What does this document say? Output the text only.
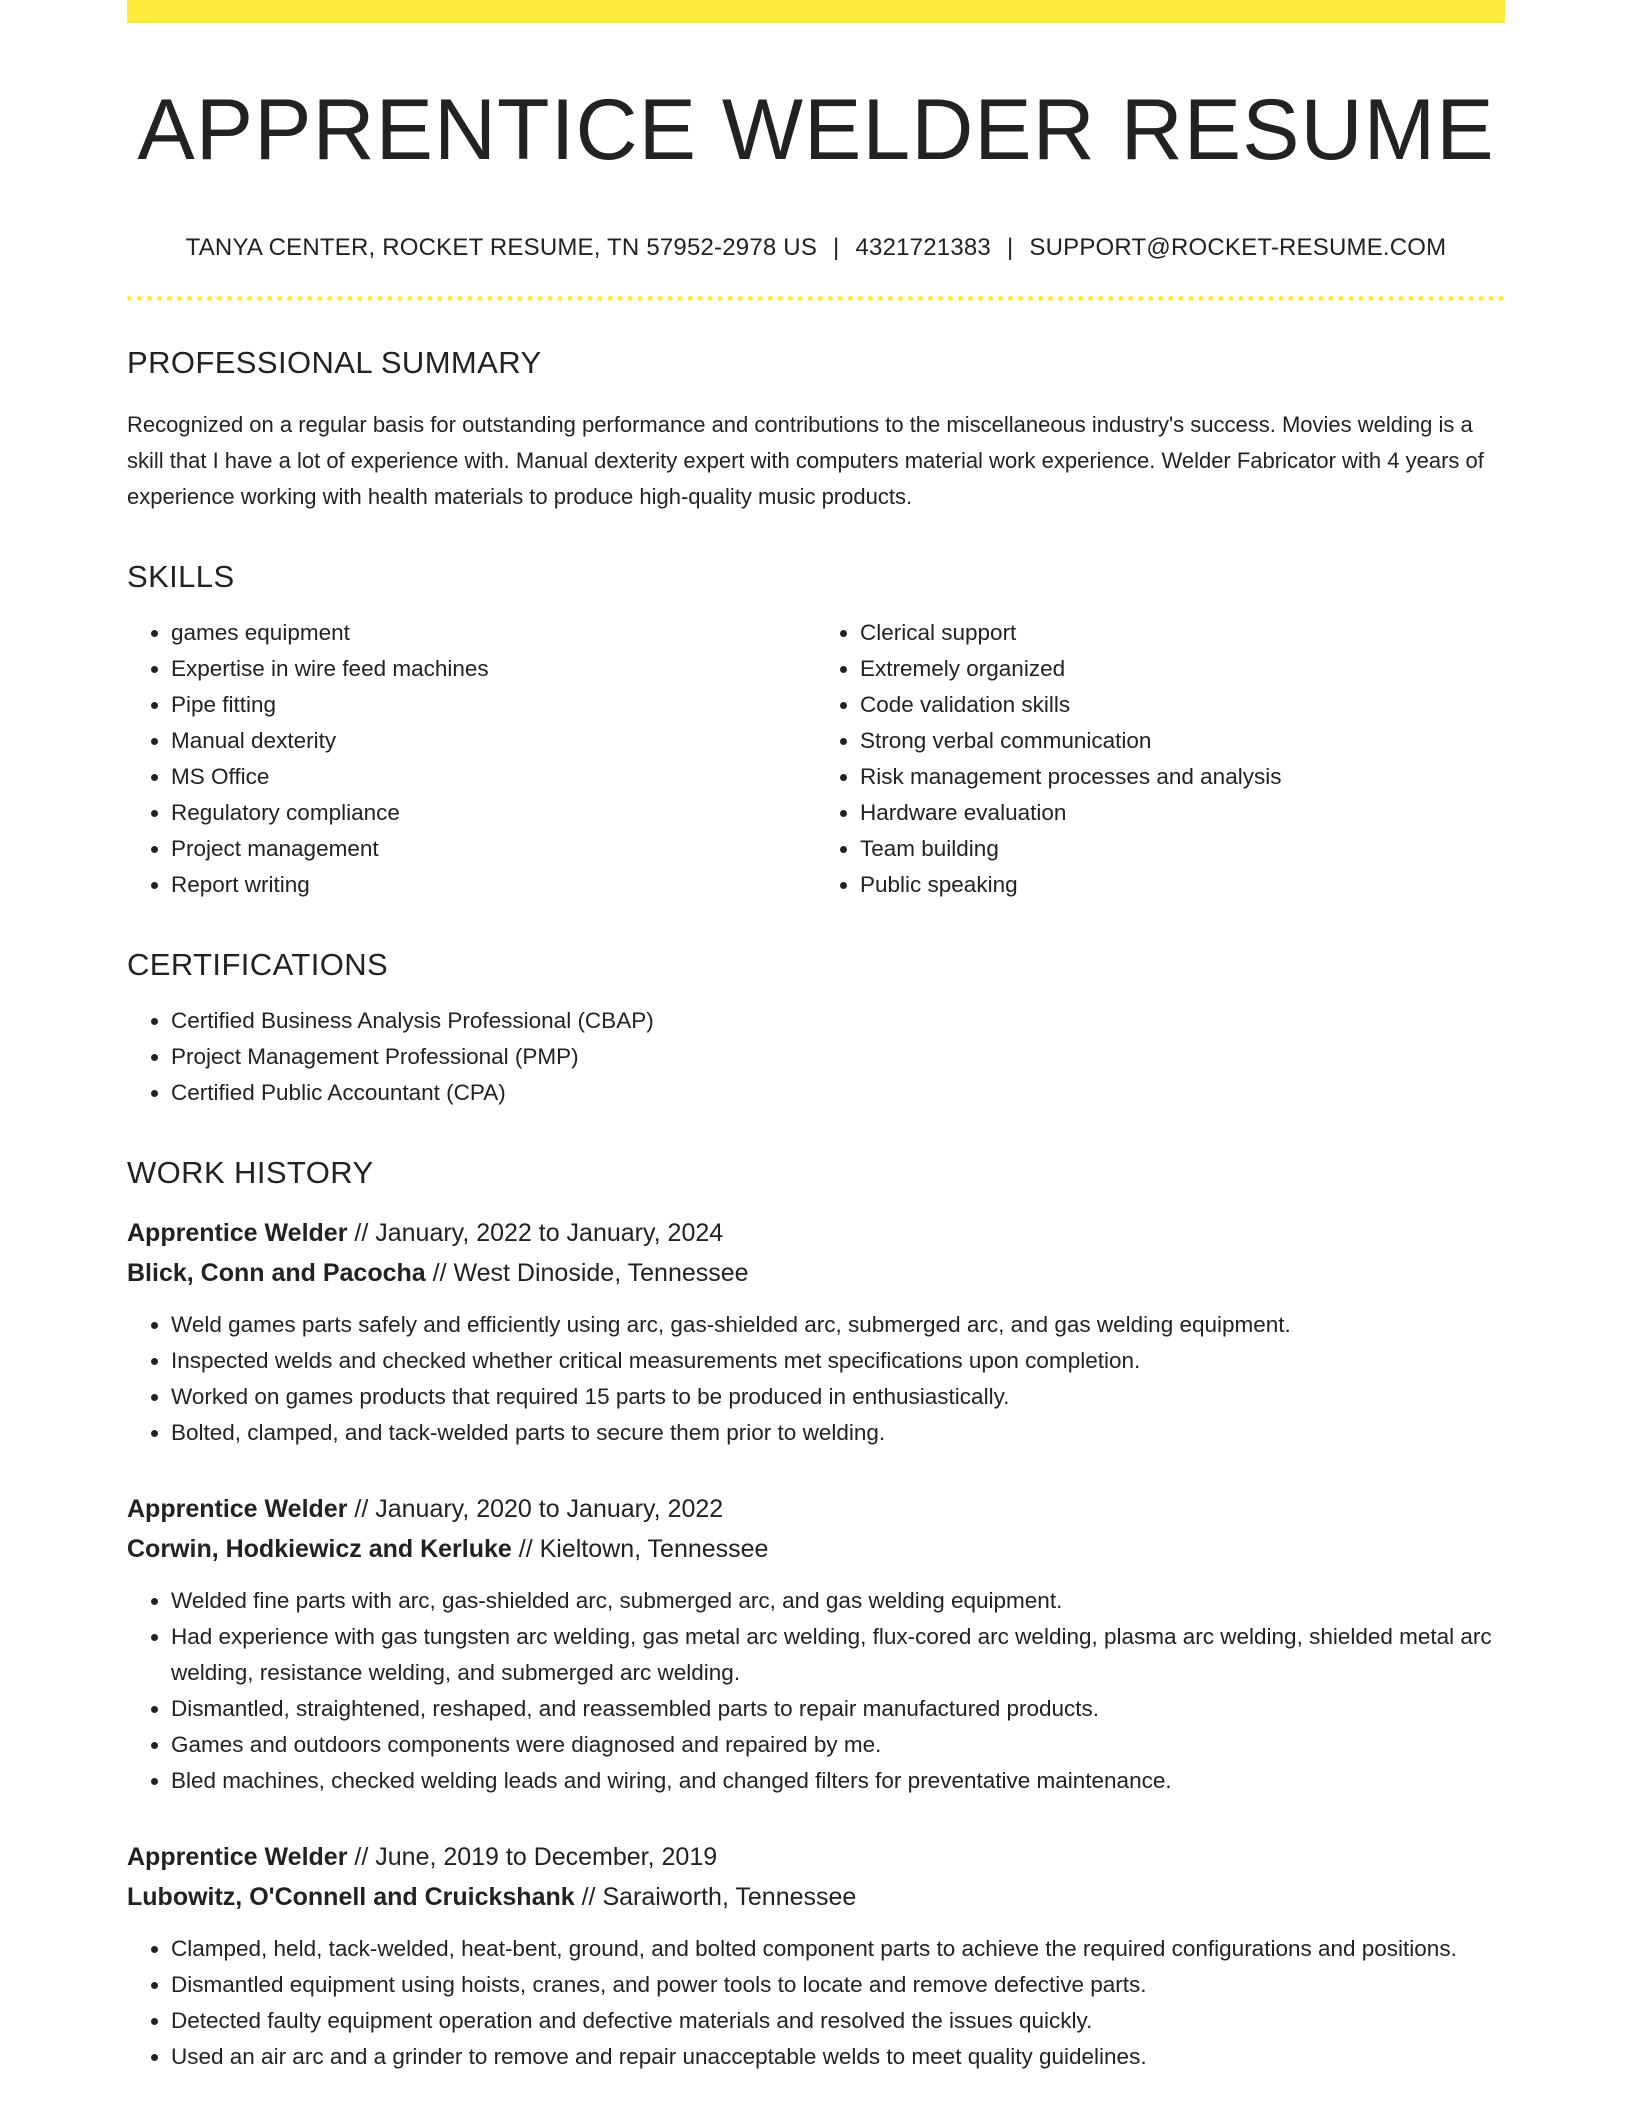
APPRENTICE WELDER RESUME
TANYA CENTER, ROCKET RESUME, TN 57952-2978 US | 4321721383 | SUPPORT@ROCKET-RESUME.COM
PROFESSIONAL SUMMARY

Recognized on a regular basis for outstanding performance and contributions to the miscellaneous industry's success. Movies welding is a skill that I have a lot of experience with. Manual dexterity expert with computers material work experience. Welder Fabricator with 4 years of experience working with health materials to produce high-quality music products.

SKILLS
• games equipment
• Expertise in wire feed machines
• Pipe fitting
• Manual dexterity
• MS Office
• Regulatory compliance
• Project management
• Report writing
• Clerical support
• Extremely organized
• Code validation skills
• Strong verbal communication
• Risk management processes and analysis
• Hardware evaluation
• Team building
• Public speaking
CERTIFICATIONS
• Certified Business Analysis Professional (CBAP)
• Project Management Professional (PMP)
• Certified Public Accountant (CPA)
WORK HISTORY
Apprentice Welder // January, 2022 to January, 2024
Blick, Conn and Pacocha // West Dinoside, Tennessee
• Weld games parts safely and efficiently using arc, gas-shielded arc, submerged arc, and gas welding equipment.
• Inspected welds and checked whether critical measurements met specifications upon completion.
• Worked on games products that required 15 parts to be produced in enthusiastically.
• Bolted, clamped, and tack-welded parts to secure them prior to welding.
Apprentice Welder // January, 2020 to January, 2022
Corwin, Hodkiewicz and Kerluke // Kieltown, Tennessee
• Welded fine parts with arc, gas-shielded arc, submerged arc, and gas welding equipment.
• Had experience with gas tungsten arc welding, gas metal arc welding, flux-cored arc welding, plasma arc welding, shielded metal arc welding, resistance welding, and submerged arc welding.
• Dismantled, straightened, reshaped, and reassembled parts to repair manufactured products.
• Games and outdoors components were diagnosed and repaired by me.
• Bled machines, checked welding leads and wiring, and changed filters for preventative maintenance.
Apprentice Welder // June, 2019 to December, 2019
Lubowitz, O'Connell and Cruickshank // Saraiworth, Tennessee
• Clamped, held, tack-welded, heat-bent, ground, and bolted component parts to achieve the required configurations and positions.
• Dismantled equipment using hoists, cranes, and power tools to locate and remove defective parts.
• Detected faulty equipment operation and defective materials and resolved the issues quickly.
• Used an air arc and a grinder to remove and repair unacceptable welds to meet quality guidelines.
